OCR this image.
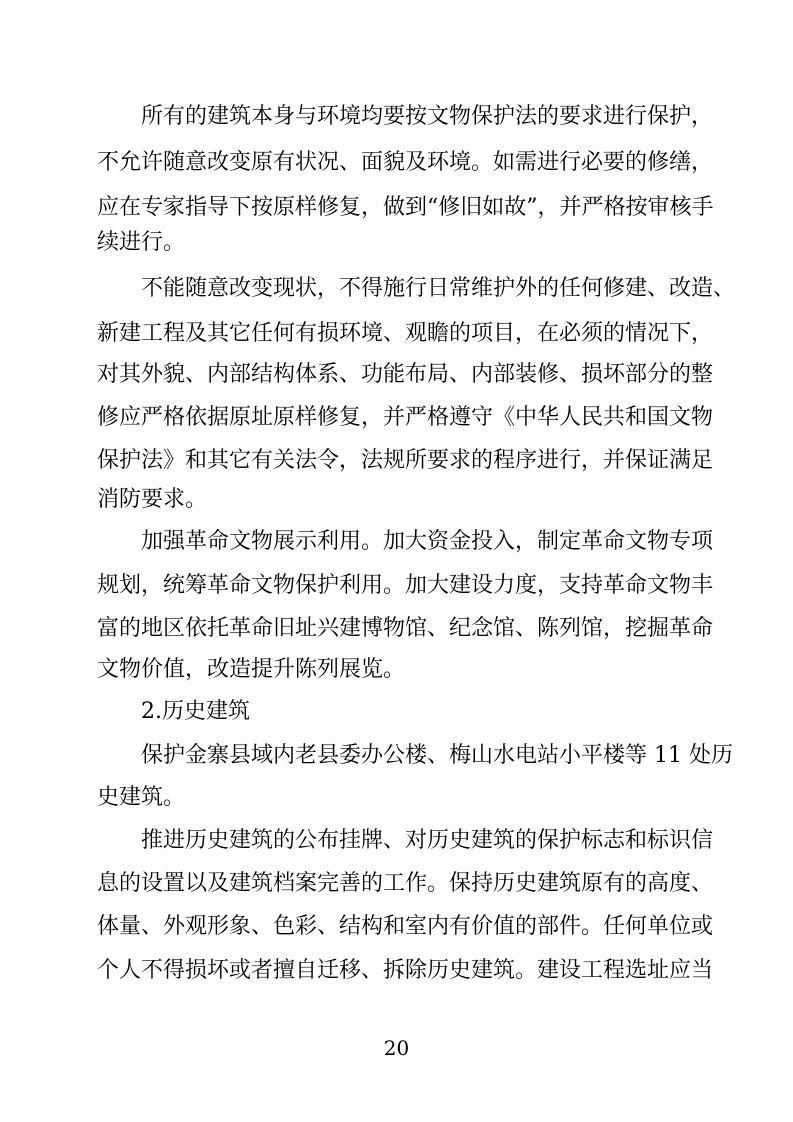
所有的建筑本身与环境均要按文物保护法的要求进行保护，
不允许随意改变原有状况、面貌及环境。如需进行必要的修缮，
应在专家指导下按原样修复，做到“修旧如故”，并严格按审核手
续进行。
不能随意改变现状，不得施行日常维护外的任何修建、改造、
新建工程及其它任何有损环境、观瞻的项目，在必须的情况下，
对其外貌、内部结构体系、功能布局、内部装修、损坏部分的整
修应严格依据原址原样修复，并严格遵守《中华人民共和国文物
保护法》和其它有关法令，法规所要求的程序进行，并保证满足
消防要求。
加强革命文物展示利用。加大资金投入，制定革命文物专项
规划，统筹革命文物保护利用。加大建设力度，支持革命文物丰
富的地区依托革命旧址兴建博物馆、纪念馆、陈列馆，挖掘革命
文物价值，改造提升陈列展览。
2.历史建筑
保护金寨县域内老县委办公楼、梅山水电站小平楼等 11 处历
史建筑。
推进历史建筑的公布挂牌、对历史建筑的保护标志和标识信
息的设置以及建筑档案完善的工作。保持历史建筑原有的高度、
体量、外观形象、色彩、结构和室内有价值的部件。任何单位或
个人不得损坏或者擅自迁移、拆除历史建筑。建设工程选址应当
20
